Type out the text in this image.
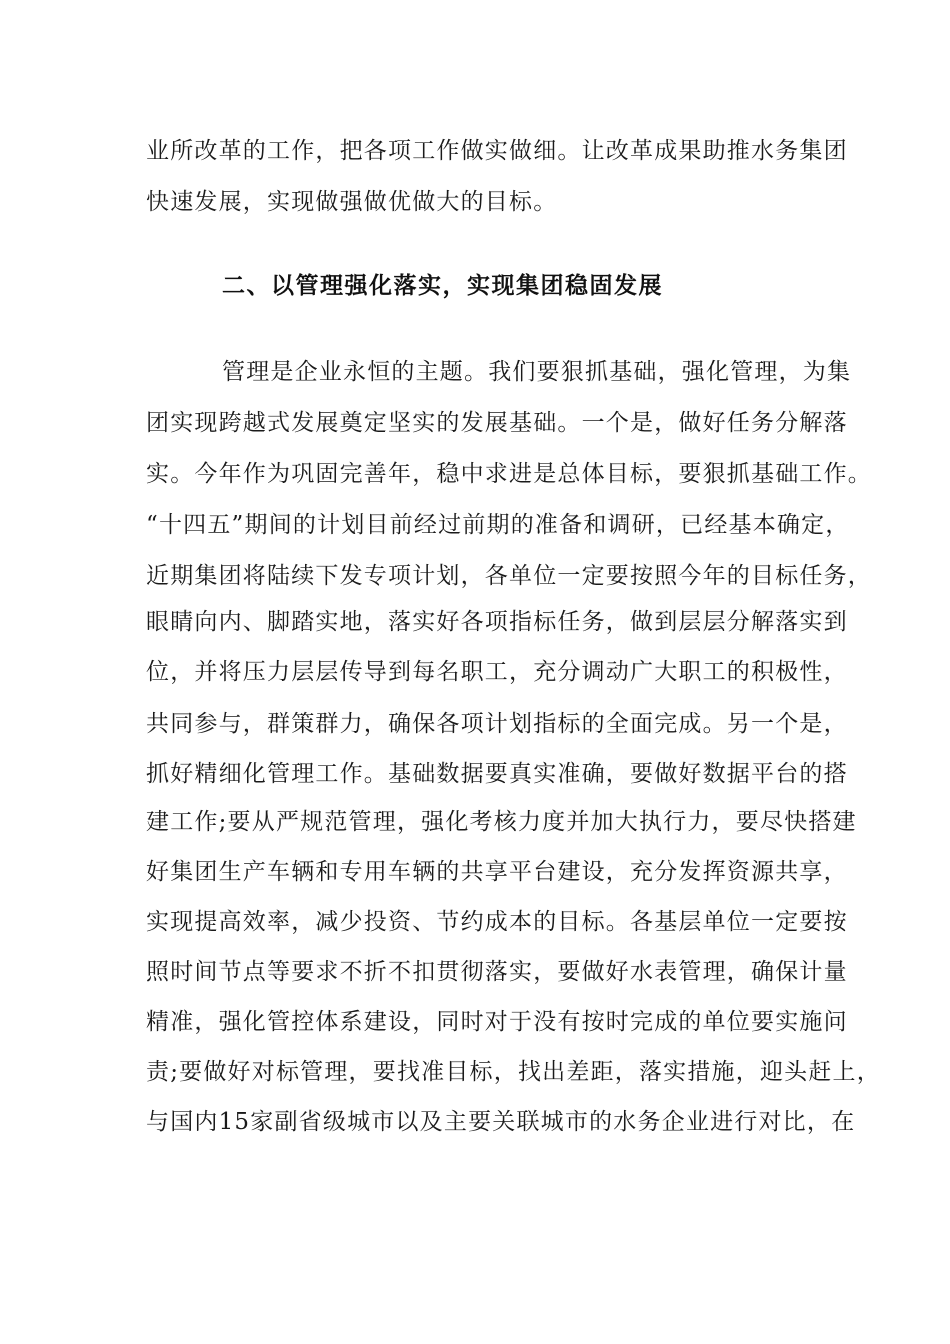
业所改革的工作，把各项工作做实做细。让改革成果助推水务集团
快速发展，实现做强做优做大的目标。
二、以管理强化落实，实现集团稳固发展
管理是企业永恒的主题。我们要狠抓基础，强化管理，为集
团实现跨越式发展奠定坚实的发展基础。一个是，做好任务分解落
实。今年作为巩固完善年，稳中求进是总体目标，要狠抓基础工作。
“十四五”期间的计划目前经过前期的准备和调研，已经基本确定，
近期集团将陆续下发专项计划，各单位一定要按照今年的目标任务，
眼睛向内、脚踏实地，落实好各项指标任务，做到层层分解落实到
位，并将压力层层传导到每名职工，充分调动广大职工的积极性，
共同参与，群策群力，确保各项计划指标的全面完成。另一个是，
抓好精细化管理工作。基础数据要真实准确，要做好数据平台的搭
建工作;要从严规范管理，强化考核力度并加大执行力，要尽快搭建
好集团生产车辆和专用车辆的共享平台建设，充分发挥资源共享，
实现提高效率，减少投资、节约成本的目标。各基层单位一定要按
照时间节点等要求不折不扣贯彻落实，要做好水表管理，确保计量
精准，强化管控体系建设，同时对于没有按时完成的单位要实施问
责;要做好对标管理，要找准目标，找出差距，落实措施，迎头赶上，
与国内15家副省级城市以及主要关联城市的水务企业进行对比，在
